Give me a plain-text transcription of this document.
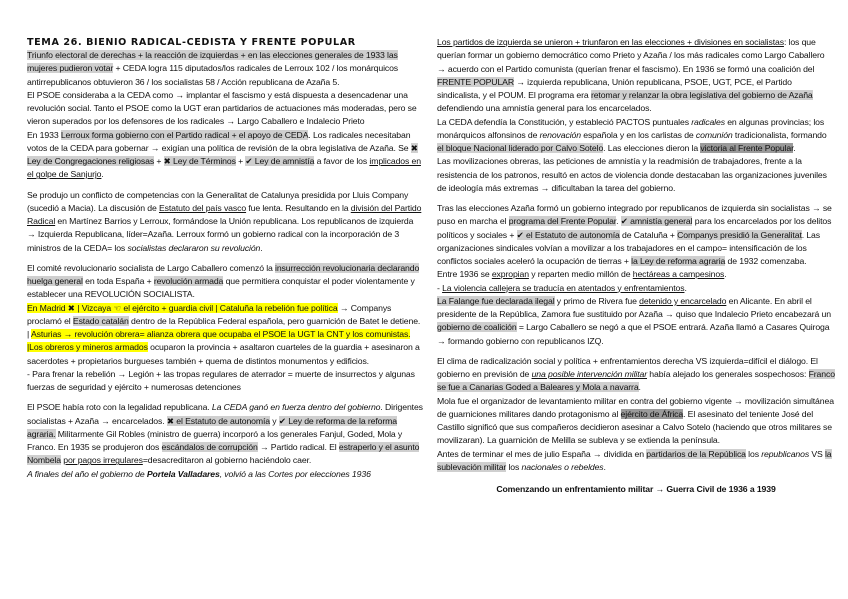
TEMA 26. BIENIO RADICAL-CEDISTA Y FRENTE POPULAR

Triunfo electoral de derechas + la reacción de izquierdas + en las elecciones generales de 1933 las mujeres pudieron votar + CEDA logra 115 diputados/los radicales de Lerroux 102 / los monárquicos antirrepublicanos obtuvieron 36 / los socialistas 58 / Acción republicana de Azaña 5.

El PSOE consideraba a la CEDA como → implantar el fascismo y está dispuesta a desencadenar una revolución social. Tanto el PSOE como la UGT eran partidarios de actuaciones más moderadas, pero se vieron superados por los defensores de los radicales → Largo Caballero e Indalecio Prieto

En 1933 Lerroux forma gobierno con el Partido radical + el apoyo de CEDA. Los radicales necesitaban votos de la CEDA para gobernar → exigían una política de revisión de la obra legislativa de Azaña. Se ✖ Ley de Congregaciones religiosas + ✖ Ley de Términos + ✔ Ley de amnistía a favor de los implicados en el golpe de Sanjurjo.

Se produjo un conflicto de competencias con la Generalitat de Catalunya presidida por Lluis Company (sucedió a Macia). La discusión de Estatuto del país vasco fue lenta. Resultando en la división del Partido Radical en Martínez Barrios y Lerroux, formándose la Unión republicana. Los republicanos de izquierda → Izquierda Republicana, líder=Azaña. Lerroux formó un gobierno radical con la incorporación de 3 ministros de la CEDA= los socialistas declararon su revolución.

El comité revolucionario socialista de Largo Caballero comenzó la insurrección revolucionaria declarando huelga general en toda España + revolución armada que permitiera conquistar el poder violentamente y establecer una REVOLUCIÓN SOCIALISTA.

En Madrid ✖ | Vizcaya ☜ el ejército + guardia civil | Cataluña la rebelión fue política → Companys proclamó el Estado catalán dentro de la República Federal española, pero guarnición de Batet le detiene. | Asturias → revolución obrera= alianza obrera que ocupaba el PSOE la UGT la CNT y los comunistas. |Los obreros y mineros armados ocuparon la provincia + asaltaron cuarteles de la guardia + asesinaron a sacerdotes + propietarios burgueses también + quema de distintos monumentos y edificios.

- Para frenar la rebelión → Legión + las tropas regulares de aterrador = muerte de insurrectos y algunas fuerzas de seguridad y ejército + numerosas detenciones

El PSOE había roto con la legalidad republicana. La CEDA ganó en fuerza dentro del gobierno. Dirigentes socialistas + Azaña → encarcelados. ✖ el Estatuto de autonomía y ✔ Ley de reforma de la reforma agraria. Militarmente Gil Robles (ministro de guerra) incorporó a los generales Fanjul, Goded, Mola y Franco. En 1935 se produjeron dos escándalos de corrupción → Partido radical. El estraperlo y el asunto Nombela por pagos irregulares=desacreditaron al gobierno haciéndolo caer.

A finales del año el gobierno de Portela Valladares, volvió a las Cortes por elecciones 1936

Los partidos de izquierda se unieron + triunfaron en las elecciones + divisiones en socialistas: los que querían formar un gobierno democrático como Prieto y Azaña / los más radicales como Largo Caballero → acuerdo con el Partido comunista (querían frenar el fascismo). En 1936 se formó una coalición del FRENTE POPULAR → izquierda republicana, Unión republicana, PSOE, UGT, PCE, el Partido sindicalista, y el POUM. El programa era retomar y relanzar la obra legislativa del gobierno de Azaña defendiendo una amnistía general para los encarcelados.

La CEDA defendía la Constitución, y estableció PACTOS puntuales radicales en algunas provincias; los monárquicos alfonsinos de renovación española y en los carlistas de comunión tradicionalista, formando el bloque Nacional liderado por Calvo Sotelo. Las elecciones dieron la victoria al Frente Popular.

Las movilizaciones obreras, las peticiones de amnistía y la readmisión de trabajadores, frente a la resistencia de los patronos, resultó en actos de violencia donde destacaban las organizaciones juveniles de ideología más extremas → dificultaban la tarea del gobierno.

Tras las elecciones Azaña formó un gobierno integrado por republicanos de izquierda sin socialistas → se puso en marcha el programa del Frente Popular. ✔ amnistía general para los encarcelados por los delitos políticos y sociales + ✔ el Estatuto de autonomía de Cataluña + Companys presidió la Generalitat. Las organizaciones sindicales volvían a movilizar a los trabajadores en el campo= intensificación de los conflictos sociales aceleró la ocupación de tierras + la Ley de reforma agraria de 1932 comenzaba.

Entre 1936 se expropian y reparten medio millón de hectáreas a campesinos.

- La violencia callejera se traducía en atentados y enfrentamientos.

La Falange fue declarada ilegal y primo de Rivera fue detenido y encarcelado en Alicante. En abril el presidente de la República, Zamora fue sustituido por Azaña → quiso que Indalecio Prieto encabezará un gobierno de coalición = Largo Caballero se negó a que el PSOE entrará. Azaña llamó a Casares Quiroga → formando gobierno con republicanos IZQ.

El clima de radicalización social y política + enfrentamientos derecha VS izquierda=difícil el diálogo. El gobierno en previsión de una posible intervención militar había alejado los generales sospechosos: Franco se fue a Canarias Goded a Baleares y Mola a navarra.

Mola fue el organizador de levantamiento militar en contra del gobierno vigente → movilización simultánea de guarniciones militares dando protagonismo al ejército de África. El asesinato del teniente José del Castillo significó que sus compañeros decidieron asesinar a Calvo Sotelo (haciendo que otros militares se movilizaran). La guarnición de Melilla se subleva y se extienda la península.

Antes de terminar el mes de julio España → dividida en partidarios de la República los republicanos VS la sublevación militar los nacionales o rebeldes.

Comenzando un enfrentamiento militar → Guerra Civil de 1936 a 1939
